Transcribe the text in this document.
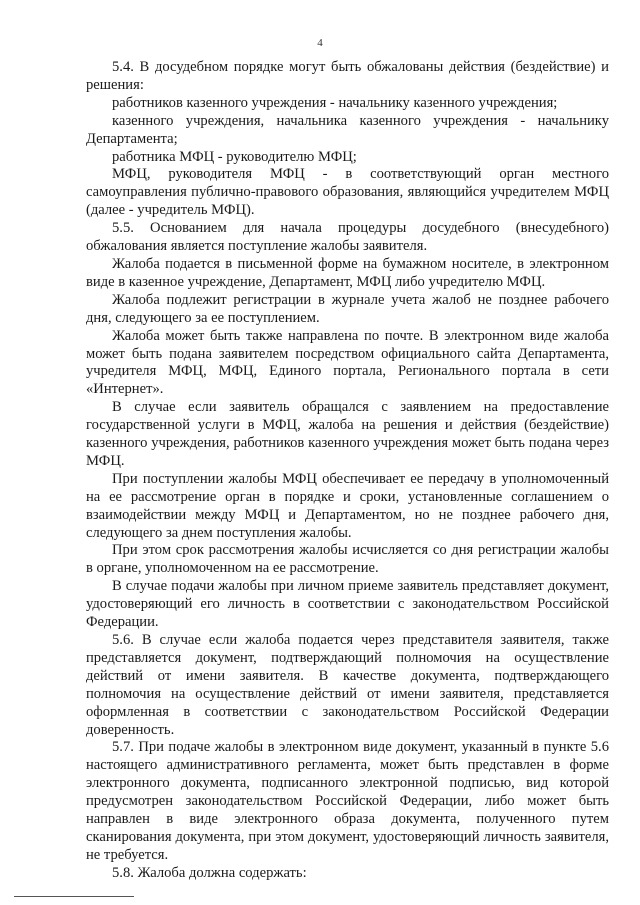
4

5.4. В досудебном порядке могут быть обжалованы действия (бездействие) и решения:

работников казенного учреждения - начальнику казенного учреждения;

казенного учреждения, начальника казенного учреждения - начальнику Департамента;

работника МФЦ - руководителю МФЦ;

МФЦ, руководителя МФЦ - в соответствующий орган местного самоуправления публично-правового образования, являющийся учредителем МФЦ (далее - учредитель МФЦ).

5.5. Основанием для начала процедуры досудебного (внесудебного) обжалования является поступление жалобы заявителя.

Жалоба подается в письменной форме на бумажном носителе, в электронном виде в казенное учреждение, Департамент, МФЦ либо учредителю МФЦ.

Жалоба подлежит регистрации в журнале учета жалоб не позднее рабочего дня, следующего за ее поступлением.

Жалоба может быть также направлена по почте. В электронном виде жалоба может быть подана заявителем посредством официального сайта Департамента, учредителя МФЦ, МФЦ, Единого портала, Регионального портала в сети «Интернет».

В случае если заявитель обращался с заявлением на предоставление государственной услуги в МФЦ, жалоба на решения и действия (бездействие) казенного учреждения, работников казенного учреждения может быть подана через МФЦ.

При поступлении жалобы МФЦ обеспечивает ее передачу в уполномоченный на ее рассмотрение орган в порядке и сроки, установленные соглашением о взаимодействии между МФЦ и Департаментом, но не позднее рабочего дня, следующего за днем поступления жалобы.

При этом срок рассмотрения жалобы исчисляется со дня регистрации жалобы в органе, уполномоченном на ее рассмотрение.

В случае подачи жалобы при личном приеме заявитель представляет документ, удостоверяющий его личность в соответствии с законодательством Российской Федерации.

5.6. В случае если жалоба подается через представителя заявителя, также представляется документ, подтверждающий полномочия на осуществление действий от имени заявителя. В качестве документа, подтверждающего полномочия на осуществление действий от имени заявителя, представляется оформленная в соответствии с законодательством Российской Федерации доверенность.

5.7. При подаче жалобы в электронном виде документ, указанный в пункте 5.6 настоящего административного регламента, может быть представлен в форме электронного документа, подписанного электронной подписью, вид которой предусмотрен законодательством Российской Федерации, либо может быть направлен в виде электронного образа документа, полученного путем сканирования документа, при этом документ, удостоверяющий личность заявителя, не требуется.

5.8. Жалоба должна содержать:
